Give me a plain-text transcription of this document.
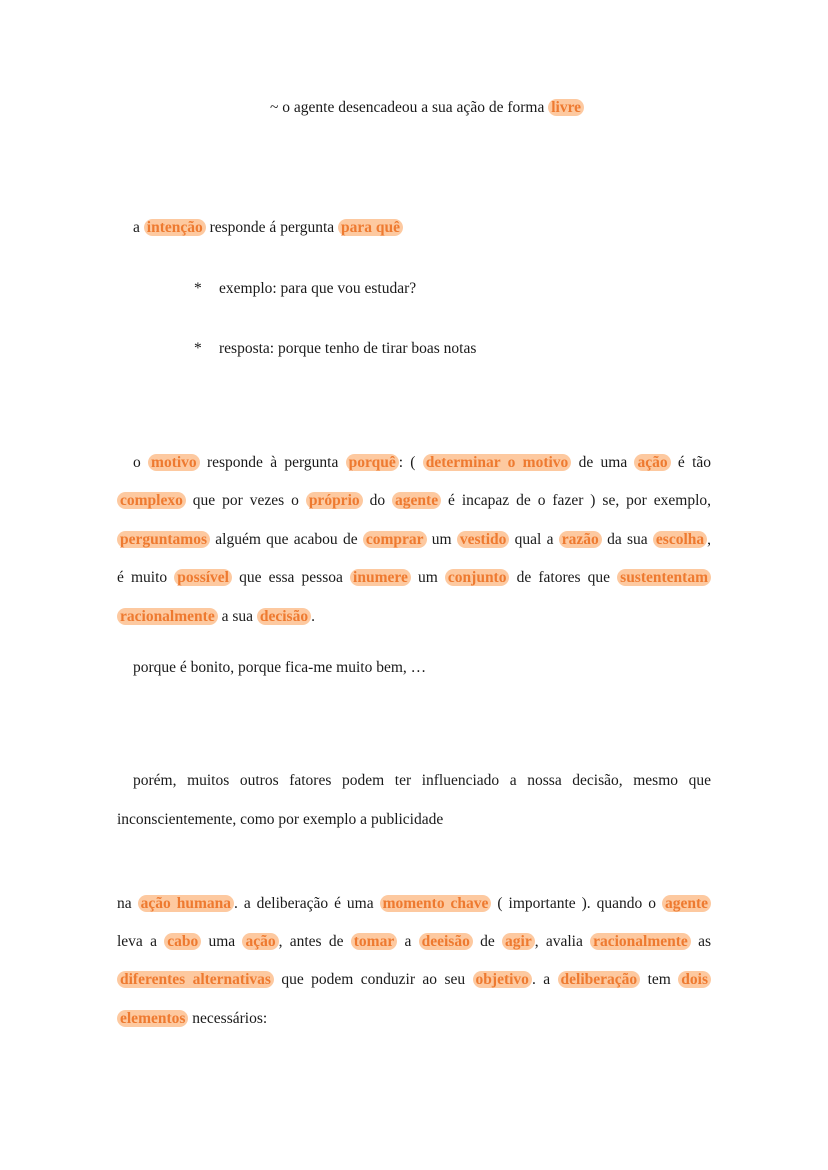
~ o agente desencadeou a sua ação de forma livre
a intenção responde á pergunta para quê
* exemplo: para que vou estudar?
* resposta: porque tenho de tirar boas notas
o motivo responde à pergunta porquê : ( determinar o motivo de uma ação é tão
complexo que por vezes o próprio do agente é incapaz de o fazer ) se, por exemplo,
perguntamos alguém que acabou de comprar um vestido qual a razão da sua escolha ,
é muito possível que essa pessoa inumere um conjunto de fatores que sustententam
racionalmente a sua decisão .
porque é bonito, porque fica-me muito bem, …
porém, muitos outros fatores podem ter influenciado a nossa decisão, mesmo que
inconscientemente, como por exemplo a publicidade
na ação humana . a deliberação é uma momento chave ( importante ). quando o agente
leva a cabo uma ação , antes de tomar a deeisão de agir , avalia racionalmente as
diferentes alternativas que podem conduzir ao seu objetivo . a deliberação tem dois
elementos necessários:
